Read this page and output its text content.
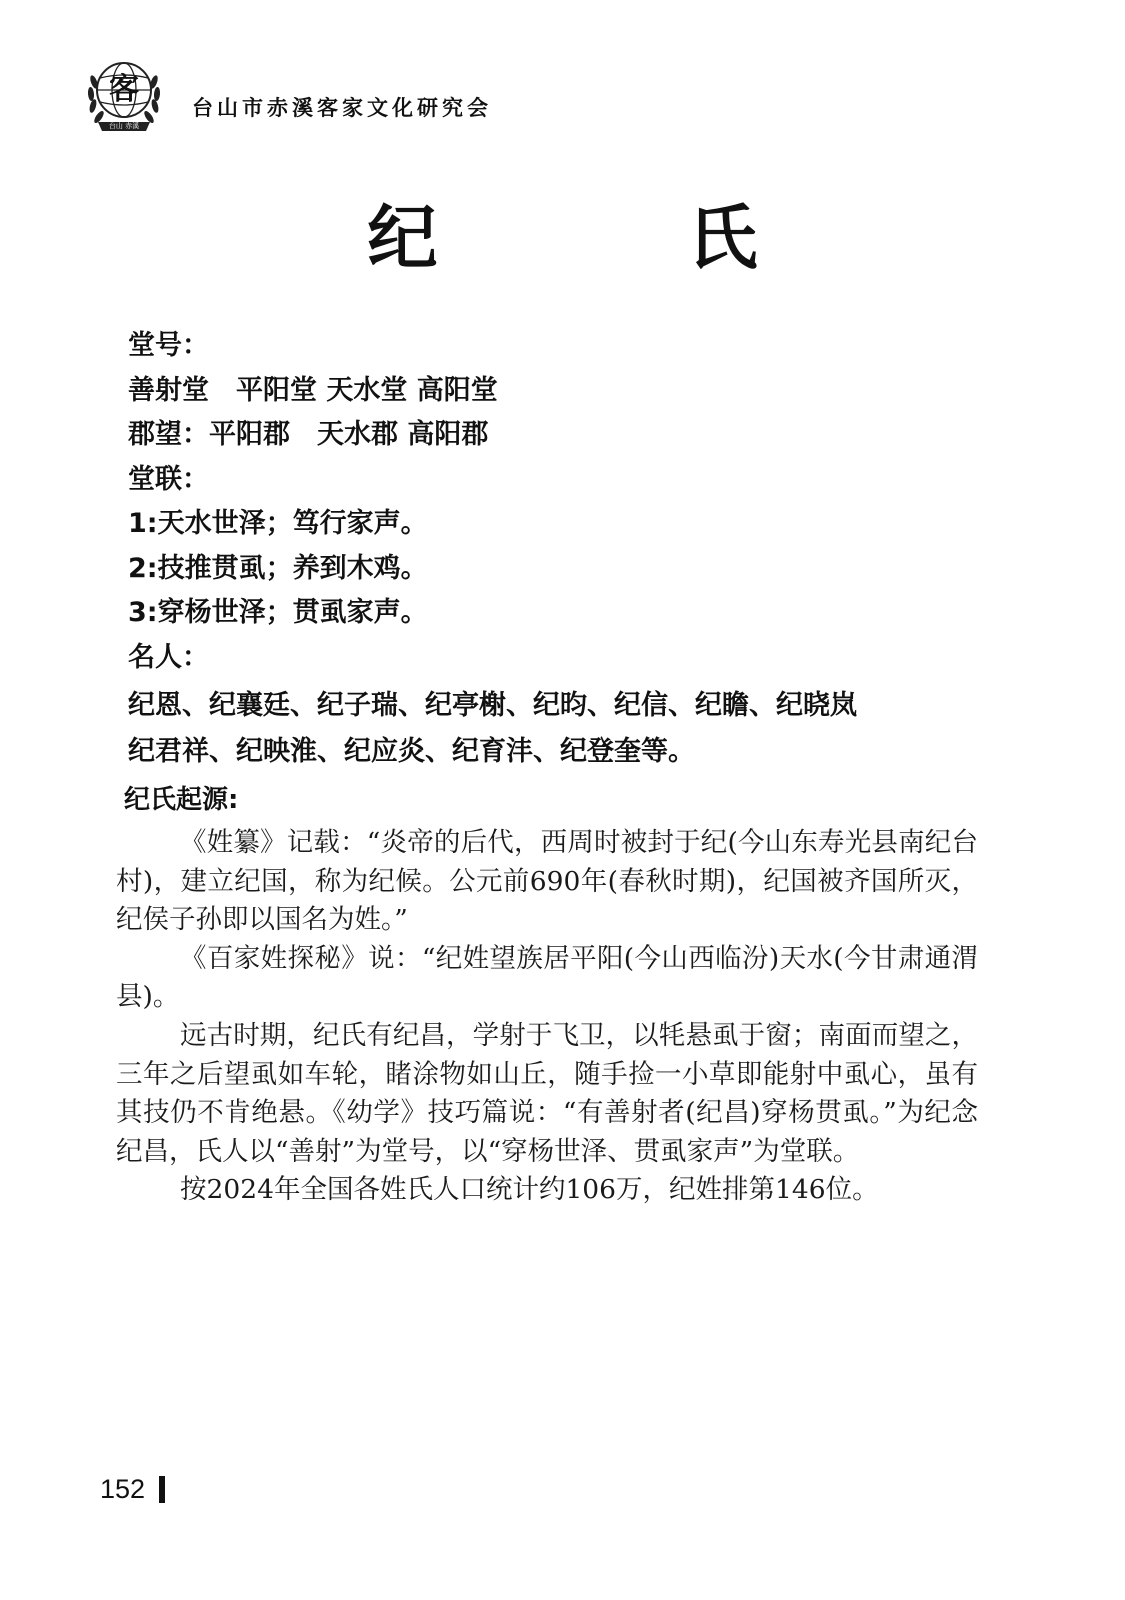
客
台山 赤溪
台山市赤溪客家文化研究会
纪　氏
堂号：
善射堂　平阳堂 天水堂 高阳堂
郡望：平阳郡　天水郡 高阳郡
堂联：
1:天水世泽；笃行家声。
2:技推贯虱；养到木鸡。
3:穿杨世泽；贯虱家声。
名人：
纪恩、纪襄廷、纪子瑞、纪亭榭、纪昀、纪信、纪瞻、纪晓岚
纪君祥、纪映淮、纪应炎、纪育沣、纪登奎等。
纪氏起源:

《姓纂》记载：“炎帝的后代，西周时被封于纪(今山东寿光县南纪台村)，建立纪国，称为纪候。公元前690年(春秋时期)，纪国被齐国所灭，纪侯子孙即以国名为姓。”

《百家姓探秘》说：“纪姓望族居平阳(今山西临汾)天水(今甘肃通渭县)。

远古时期，纪氏有纪昌，学射于飞卫，以牦悬虱于窗；南面而望之，三年之后望虱如车轮，睹涂物如山丘，随手捡一小草即能射中虱心，虽有其技仍不肯绝悬。《幼学》技巧篇说：“有善射者(纪昌)穿杨贯虱。”为纪念纪昌，氏人以“善射”为堂号，以“穿杨世泽、贯虱家声”为堂联。

按2024年全国各姓氏人口统计约106万，纪姓排第146位。

152
